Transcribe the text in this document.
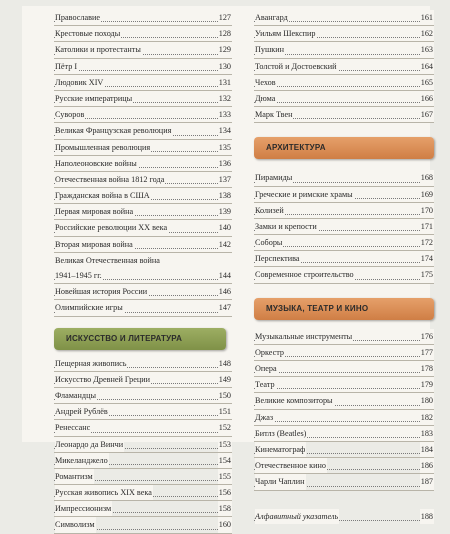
Православие	127
Крестовые походы	128
Католики и протестанты	129
Пётр I	130
Людовик XIV	131
Русские императрицы	132
Суворов	133
Великая Французская революция	134
Промышленная революция	135
Наполеоновские войны	136
Отечественная война 1812 года	137
Гражданская война в США	138
Первая мировая война	139
Российские революции XX века	140
Вторая мировая война	142
Великая Отечественная война
1941–1945 гг.	144
Новейшая история России	146
Олимпийские игры	147
ИСКУССТВО И ЛИТЕРАТУРА
Пещерная живопись	148
Искусство Древней Греции	149
Фламандцы	150
Андрей Рублёв	151
Ренессанс	152
Леонардо да Винчи	153
Микеланджело	154
Романтизм	155
Русская живопись XIX века	156
Импрессионизм	158
Символизм	160
Авангард	161
Уильям Шекспир	162
Пушкин	163
Толстой и Достоевский	164
Чехов	165
Дюма	166
Марк Твен	167
АРХИТЕКТУРА
Пирамиды	168
Греческие и римские храмы	169
Колизей	170
Замки и крепости	171
Соборы	172
Перспектива	174
Современное строительство	175
МУЗЫКА, ТЕАТР И КИНО
Музыкальные инструменты	176
Оркестр	177
Опера	178
Театр	179
Великие композиторы	180
Джаз	182
Битлз (Beatles)	183
Кинематограф	184
Отечественное кино	186
Чарли Чаплин	187
Алфавитный указатель	188
